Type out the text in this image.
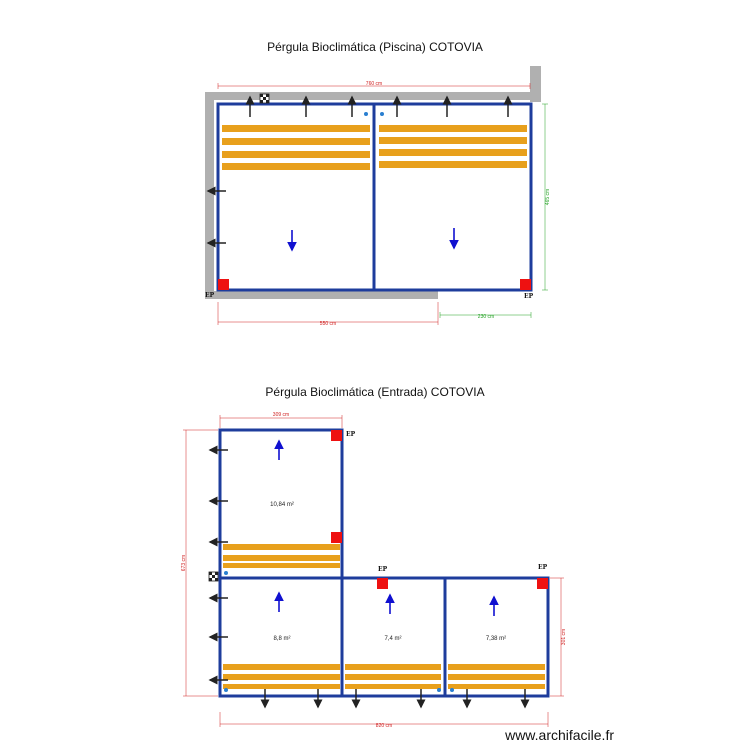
Pérgula Bioclimática (Piscina) COTOVIA
Pérgula Bioclimática (Entrada) COTOVIA
EP	EP
760 cm
465 cm
550 cm
230 cm
EP
EP	EP
10,84 m²
8,8 m²	7,4 m²	7,38 m²
309 cm
673 cm
301 cm
820 cm
www.archifacile.fr
